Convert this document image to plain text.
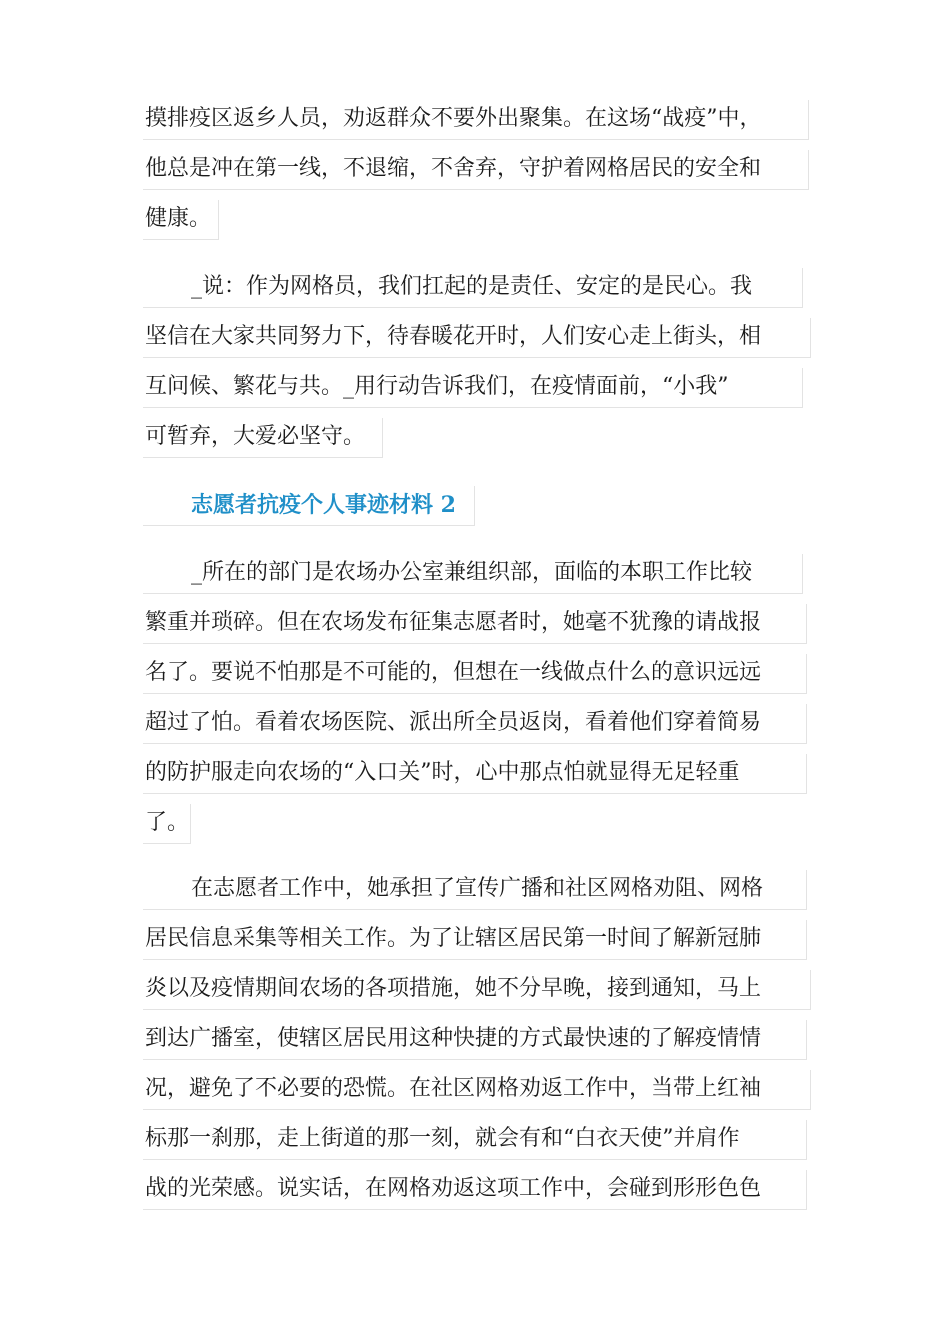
摸排疫区返乡人员，劝返群众不要外出聚集。在这场“战疫”中，
他总是冲在第一线，不退缩，不舍弃，守护着网格居民的安全和
健康。
_说：作为网格员，我们扛起的是责任、安定的是民心。我
坚信在大家共同努力下，待春暖花开时，人们安心走上街头，相
互问候、繁花与共。_用行动告诉我们，在疫情面前，“小我”
可暂弃，大爱必坚守。
志愿者抗疫个人事迹材料 2
_所在的部门是农场办公室兼组织部，面临的本职工作比较
繁重并琐碎。但在农场发布征集志愿者时，她毫不犹豫的请战报
名了。要说不怕那是不可能的，但想在一线做点什么的意识远远
超过了怕。看着农场医院、派出所全员返岗，看着他们穿着简易
的防护服走向农场的“入口关”时，心中那点怕就显得无足轻重
了。
在志愿者工作中，她承担了宣传广播和社区网格劝阻、网格
居民信息采集等相关工作。为了让辖区居民第一时间了解新冠肺
炎以及疫情期间农场的各项措施，她不分早晚，接到通知，马上
到达广播室，使辖区居民用这种快捷的方式最快速的了解疫情情
况，避免了不必要的恐慌。在社区网格劝返工作中，当带上红袖
标那一刹那，走上街道的那一刻，就会有和“白衣天使”并肩作
战的光荣感。说实话，在网格劝返这项工作中，会碰到形形色色
